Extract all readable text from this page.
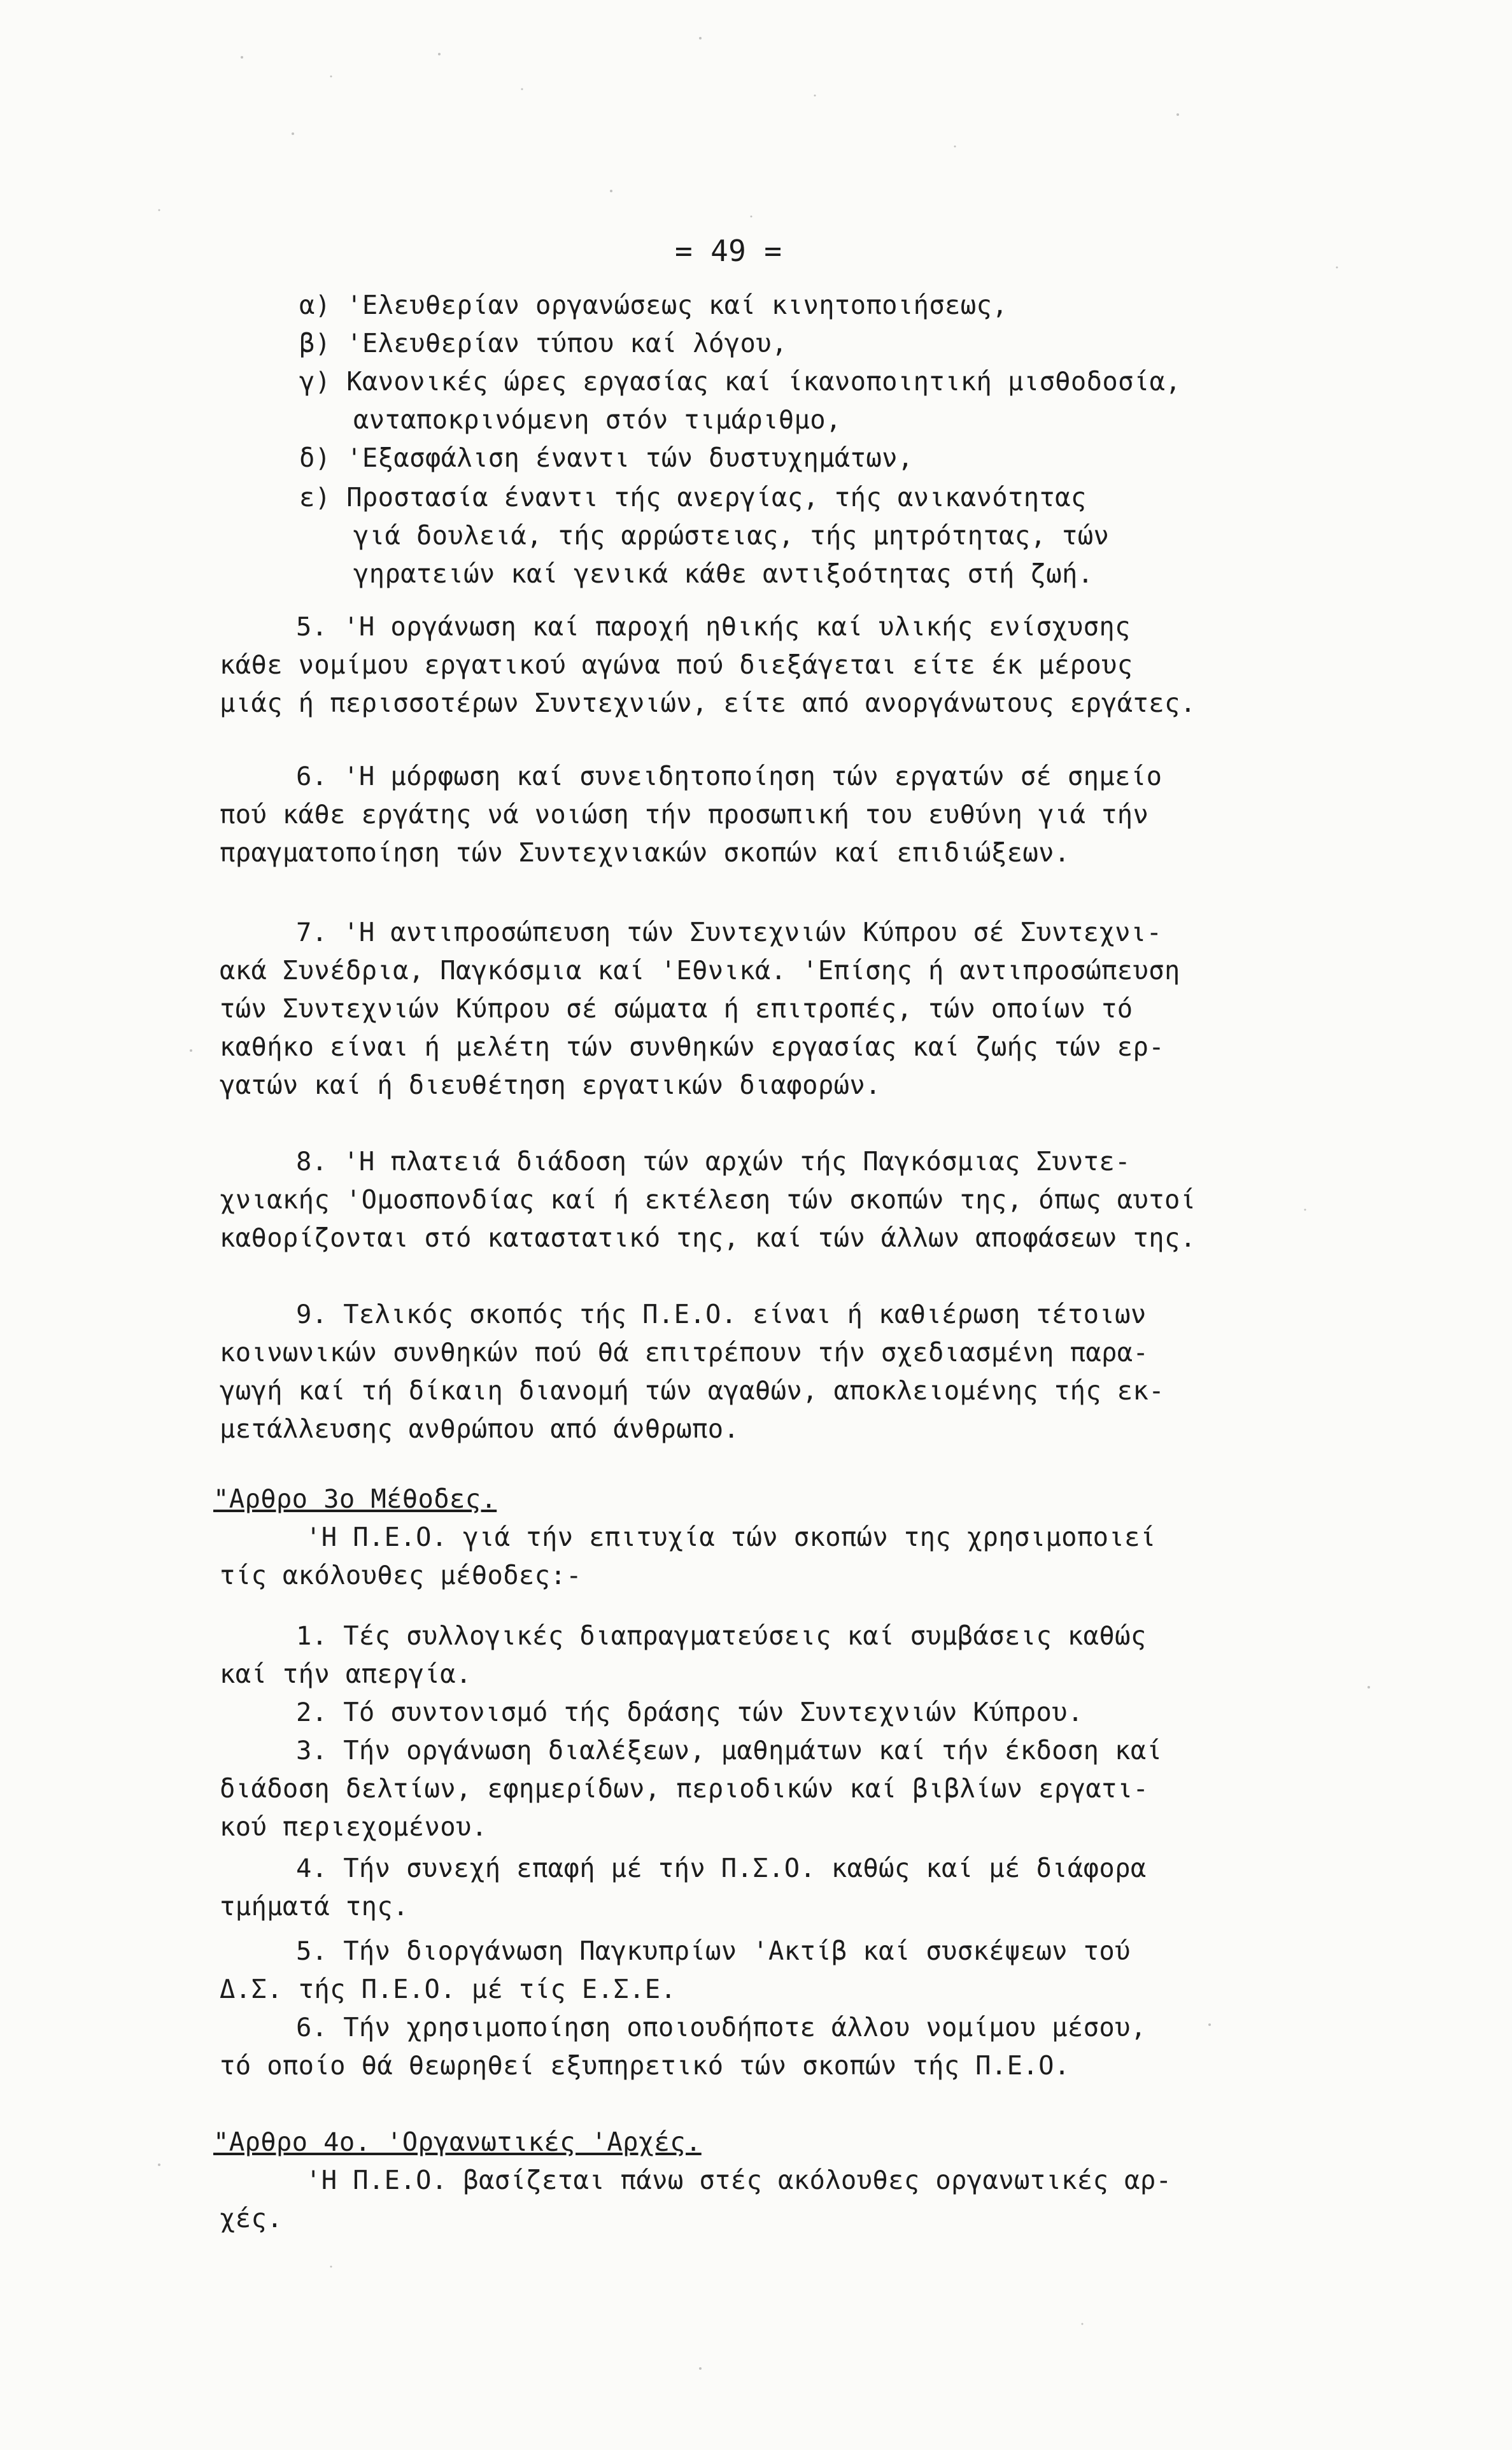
= 49 =
α) 'Ελευθερίαν οργανώσεως καί κινητοποιήσεως,
β) 'Ελευθερίαν τύπου καί λόγου,
γ) Κανονικές ώρες εργασίας καί ίκανοποιητική μισθοδοσία,
ανταποκρινόμενη στόν τιμάριθμο,
δ) 'Εξασφάλιση έναντι τών δυστυχημάτων,
ε) Προστασία έναντι τής ανεργίας, τής ανικανότητας
γιά δουλειά, τής αρρώστειας, τής μητρότητας, τών
γηρατειών καί γενικά κάθε αντιξοότητας στή ζωή.
5. 'Η οργάνωση καί παροχή ηθικής καί υλικής ενίσχυσης
κάθε νομίμου εργατικού αγώνα πού διεξάγεται είτε έκ μέρους
μιάς ή περισσοτέρων Συντεχνιών, είτε από ανοργάνωτους εργάτες.
6. 'Η μόρφωση καί συνειδητοποίηση τών εργατών σέ σημείο
πού κάθε εργάτης νά νοιώση τήν προσωπική του ευθύνη γιά τήν
πραγματοποίηση τών Συντεχνιακών σκοπών καί επιδιώξεων.
7. 'Η αντιπροσώπευση τών Συντεχνιών Κύπρου σέ Συντεχνι-
ακά Συνέδρια, Παγκόσμια καί 'Εθνικά. 'Επίσης ή αντιπροσώπευση
τών Συντεχνιών Κύπρου σέ σώματα ή επιτροπές, τών οποίων τό
καθήκο είναι ή μελέτη τών συνθηκών εργασίας καί ζωής τών ερ-
γατών καί ή διευθέτηση εργατικών διαφορών.
8. 'Η πλατειά διάδοση τών αρχών τής Παγκόσμιας Συντε-
χνιακής 'Ομοσπονδίας καί ή εκτέλεση τών σκοπών της, όπως αυτοί
καθορίζονται στό καταστατικό της, καί τών άλλων αποφάσεων της.
9. Τελικός σκοπός τής Π.Ε.Ο. είναι ή καθιέρωση τέτοιων
κοινωνικών συνθηκών πού θά επιτρέπουν τήν σχεδιασμένη παρα-
γωγή καί τή δίκαιη διανομή τών αγαθών, αποκλειομένης τής εκ-
μετάλλευσης ανθρώπου από άνθρωπο.
"Αρθρο 3ο Μέθοδες.
'Η Π.Ε.Ο. γιά τήν επιτυχία τών σκοπών της χρησιμοποιεί
τίς ακόλουθες μέθοδες:-
1. Τές συλλογικές διαπραγματεύσεις καί συμβάσεις καθώς
καί τήν απεργία.
2. Τό συντονισμό τής δράσης τών Συντεχνιών Κύπρου.
3. Τήν οργάνωση διαλέξεων, μαθημάτων καί τήν έκδοση καί
διάδοση δελτίων, εφημερίδων, περιοδικών καί βιβλίων εργατι-
κού περιεχομένου.
4. Τήν συνεχή επαφή μέ τήν Π.Σ.Ο. καθώς καί μέ διάφορα
τμήματά της.
5. Τήν διοργάνωση Παγκυπρίων 'Ακτίβ καί συσκέψεων τού
Δ.Σ. τής Π.Ε.Ο. μέ τίς Ε.Σ.Ε.
6. Τήν χρησιμοποίηση οποιουδήποτε άλλου νομίμου μέσου,
τό οποίο θά θεωρηθεί εξυπηρετικό τών σκοπών τής Π.Ε.Ο.
"Αρθρο 4ο. 'Οργανωτικές 'Αρχές.
'Η Π.Ε.Ο. βασίζεται πάνω στές ακόλουθες οργανωτικές αρ-
χές.
